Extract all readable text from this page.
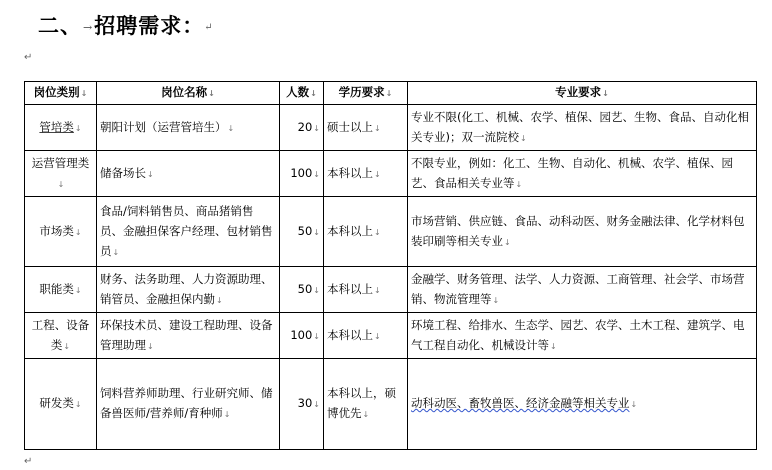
二、→招聘需求：↵
↵
岗位类别↓	岗位名称↓	人数↓	学历要求↓	专业要求↓
管培类↓	朝阳计划（运营管培生）↓	20↓	硕士以上↓	专业不限(化工、机械、农学、植保、园艺、生物、食品、自动化相关专业)；双一流院校↓
运营管理类↓	储备场长↓	100↓	本科以上↓	不限专业，例如：化工、生物、自动化、机械、农学、植保、园艺、食品相关专业等↓
市场类↓	食品/饲料销售员、商品猪销售员、金融担保客户经理、包材销售员↓	50↓	本科以上↓	市场营销、供应链、食品、动科动医、财务金融法律、化学材料包装印刷等相关专业↓
职能类↓	财务、法务助理、人力资源助理、销管员、金融担保内勤↓	50↓	本科以上↓	金融学、财务管理、法学、人力资源、工商管理、社会学、市场营销、物流管理等↓
工程、设备类↓	环保技术员、建设工程助理、设备管理助理↓	100↓	本科以上↓	环境工程、给排水、生态学、园艺、农学、土木工程、建筑学、电气工程自动化、机械设计等↓
研发类↓	饲料营养师助理、行业研究师、储备兽医师/营养师/育种师↓	30↓	本科以上，硕博优先↓	动科动医、畜牧兽医、经济金融等相关专业↓
↵
